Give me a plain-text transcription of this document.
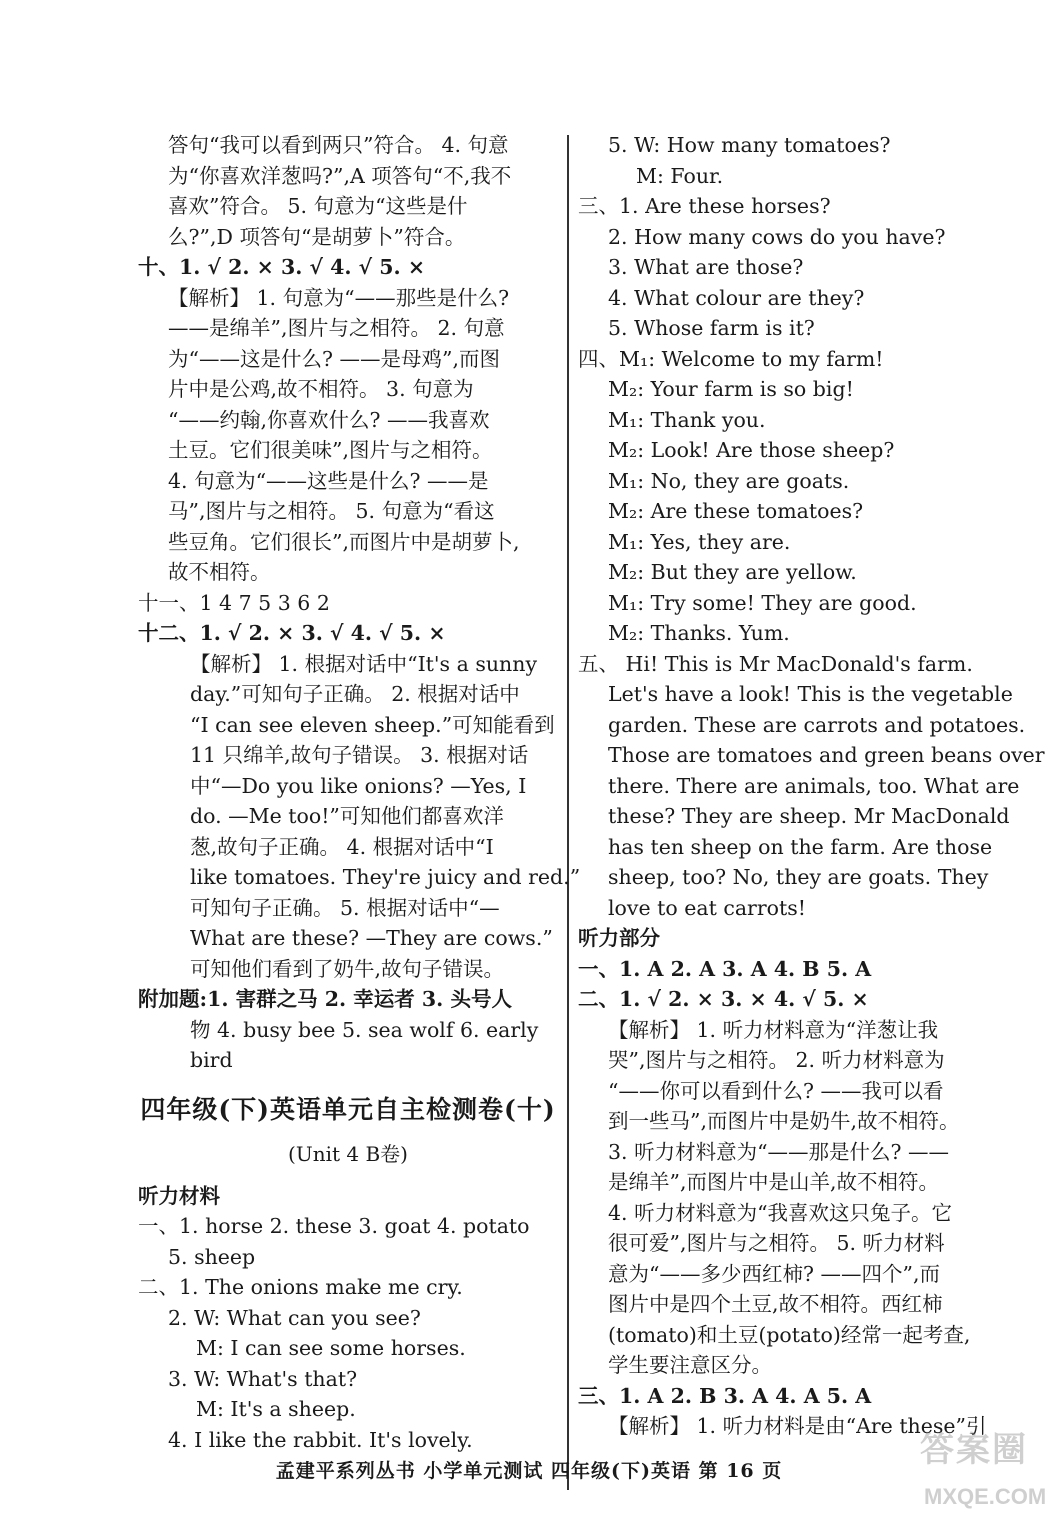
答句“我可以看到两只”符合。 4. 句意

为“你喜欢洋葱吗?”,A 项答句“不,我不

喜欢”符合。 5. 句意为“这些是什

么?”,D 项答句“是胡萝卜”符合。

十、1. √ 2. × 3. √ 4. √ 5. ×

【解析】 1. 句意为“——那些是什么?

——是绵羊”,图片与之相符。 2. 句意

为“——这是什么? ——是母鸡”,而图

片中是公鸡,故不相符。 3. 句意为

“——约翰,你喜欢什么? ——我喜欢

土豆。它们很美味”,图片与之相符。

4. 句意为“——这些是什么? ——是

马”,图片与之相符。 5. 句意为“看这

些豆角。它们很长”,而图片中是胡萝卜,

故不相符。

十一、1 4 7 5 3 6 2

十二、1. √ 2. × 3. √ 4. √ 5. ×

【解析】 1. 根据对话中“It's a sunny

day.”可知句子正确。 2. 根据对话中

“I can see eleven sheep.”可知能看到

11 只绵羊,故句子错误。 3. 根据对话

中“—Do you like onions? —Yes, I

do. —Me too!”可知他们都喜欢洋

葱,故句子正确。 4. 根据对话中“I

like tomatoes. They're juicy and red.”

可知句子正确。 5. 根据对话中“—

What are these? —They are cows.”

可知他们看到了奶牛,故句子错误。

附加题:1. 害群之马 2. 幸运者 3. 头号人

物 4. busy bee 5. sea wolf 6. early

bird

四年级(下)英语单元自主检测卷(十)
(Unit 4 B卷)

听力材料

一、1. horse 2. these 3. goat 4. potato

5. sheep

二、1. The onions make me cry.

2. W: What can you see?

M: I can see some horses.

3. W: What's that?

M: It's a sheep.

4. I like the rabbit. It's lovely.

5. W: How many tomatoes?

M: Four.

三、1. Are these horses?

2. How many cows do you have?

3. What are those?

4. What colour are they?

5. Whose farm is it?

四、M₁: Welcome to my farm!

M₂: Your farm is so big!

M₁: Thank you.

M₂: Look! Are those sheep?

M₁: No, they are goats.

M₂: Are these tomatoes?

M₁: Yes, they are.

M₂: But they are yellow.

M₁: Try some! They are good.

M₂: Thanks. Yum.

五、 Hi! This is Mr MacDonald's farm.

Let's have a look! This is the vegetable

garden. These are carrots and potatoes.

Those are tomatoes and green beans over

there. There are animals, too. What are

these? They are sheep. Mr MacDonald

has ten sheep on the farm. Are those

sheep, too? No, they are goats. They

love to eat carrots!

听力部分

一、1. A 2. A 3. A 4. B 5. A

二、1. √ 2. × 3. × 4. √ 5. ×

【解析】 1. 听力材料意为“洋葱让我

哭”,图片与之相符。 2. 听力材料意为

“——你可以看到什么? ——我可以看

到一些马”,而图片中是奶牛,故不相符。

3. 听力材料意为“——那是什么? ——

是绵羊”,而图片中是山羊,故不相符。

4. 听力材料意为“我喜欢这只兔子。它

很可爱”,图片与之相符。 5. 听力材料

意为“——多少西红柿? ——四个”,而

图片中是四个土豆,故不相符。西红柿

(tomato)和土豆(potato)经常一起考查,

学生要注意区分。

三、1. A 2. B 3. A 4. A 5. A

【解析】 1. 听力材料是由“Are these”引

孟建平系列丛书 小学单元测试 四年级(下)英语 第 16 页
答案圈
MXQE.COM
